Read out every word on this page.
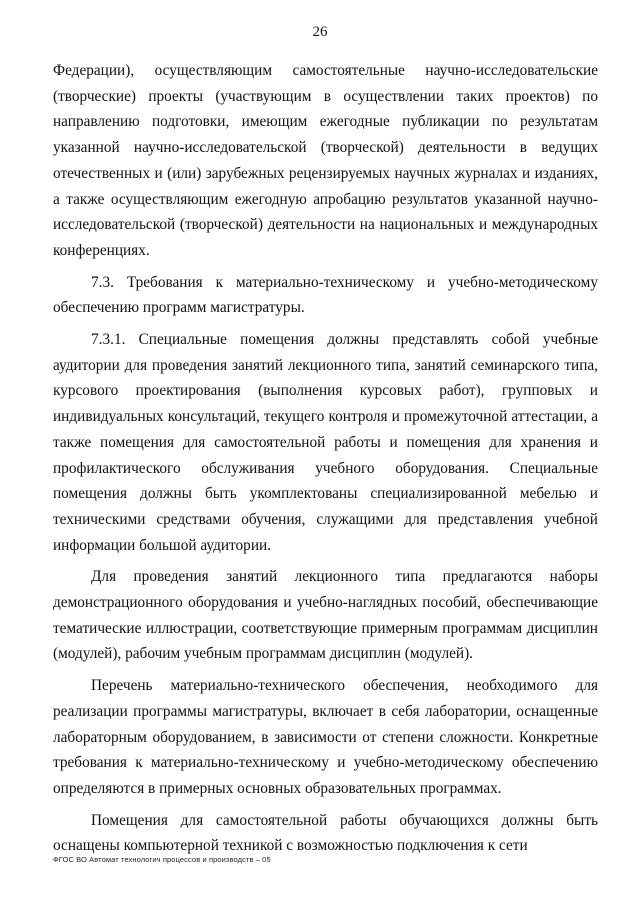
26

Федерации), осуществляющим самостоятельные научно-исследовательские (творческие) проекты (участвующим в осуществлении таких проектов) по направлению подготовки, имеющим ежегодные публикации по результатам указанной научно-исследовательской (творческой) деятельности в ведущих отечественных и (или) зарубежных рецензируемых научных журналах и изданиях, а также осуществляющим ежегодную апробацию результатов указанной научно-исследовательской (творческой) деятельности на национальных и международных конференциях.

7.3. Требования к материально-техническому и учебно-методическому обеспечению программ магистратуры.

7.3.1. Специальные помещения должны представлять собой учебные аудитории для проведения занятий лекционного типа, занятий семинарского типа, курсового проектирования (выполнения курсовых работ), групповых и индивидуальных консультаций, текущего контроля и промежуточной аттестации, а также помещения для самостоятельной работы и помещения для хранения и профилактического обслуживания учебного оборудования. Специальные помещения должны быть укомплектованы специализированной мебелью и техническими средствами обучения, служащими для представления учебной информации большой аудитории.

Для проведения занятий лекционного типа предлагаются наборы демонстрационного оборудования и учебно-наглядных пособий, обеспечивающие тематические иллюстрации, соответствующие примерным программам дисциплин (модулей), рабочим учебным программам дисциплин (модулей).

Перечень материально-технического обеспечения, необходимого для реализации программы магистратуры, включает в себя лаборатории, оснащенные лабораторным оборудованием, в зависимости от степени сложности. Конкретные требования к материально-техническому и учебно-методическому обеспечению определяются в примерных основных образовательных программах.

Помещения для самостоятельной работы обучающихся должны быть оснащены компьютерной техникой с возможностью подключения к сети

ФГОС ВО Автомат технологич процессов и производств – 05
